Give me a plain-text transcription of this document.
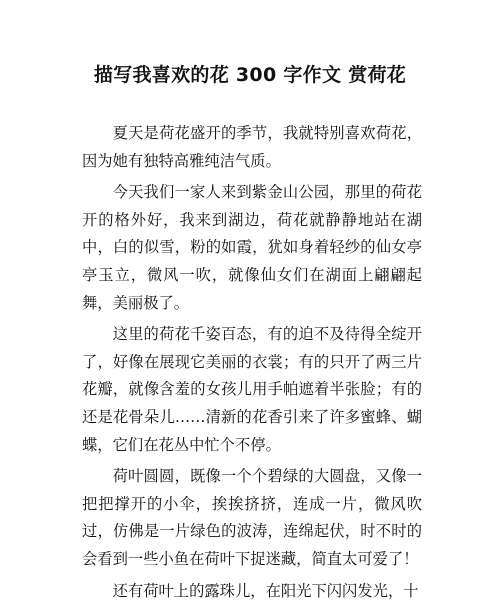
描写我喜欢的花 300 字作文 赏荷花

夏天是荷花盛开的季节，我就特别喜欢荷花，因为她有独特高雅纯洁气质。

今天我们一家人来到紫金山公园，那里的荷花开的格外好，我来到湖边，荷花就静静地站在湖中，白的似雪，粉的如霞，犹如身着轻纱的仙女亭亭玉立，微风一吹，就像仙女们在湖面上翩翩起舞，美丽极了。

这里的荷花千姿百态，有的迫不及待得全绽开了，好像在展现它美丽的衣裳；有的只开了两三片花瓣，就像含羞的女孩儿用手帕遮着半张脸；有的还是花骨朵儿……清新的花香引来了许多蜜蜂、蝴蝶，它们在花丛中忙个不停。

荷叶圆圆，既像一个个碧绿的大圆盘，又像一把把撑开的小伞，挨挨挤挤，连成一片，微风吹过，仿佛是一片绿色的波涛，连绵起伏，时不时的会看到一些小鱼在荷叶下捉迷藏，简直太可爱了！

还有荷叶上的露珠儿，在阳光下闪闪发光，十
